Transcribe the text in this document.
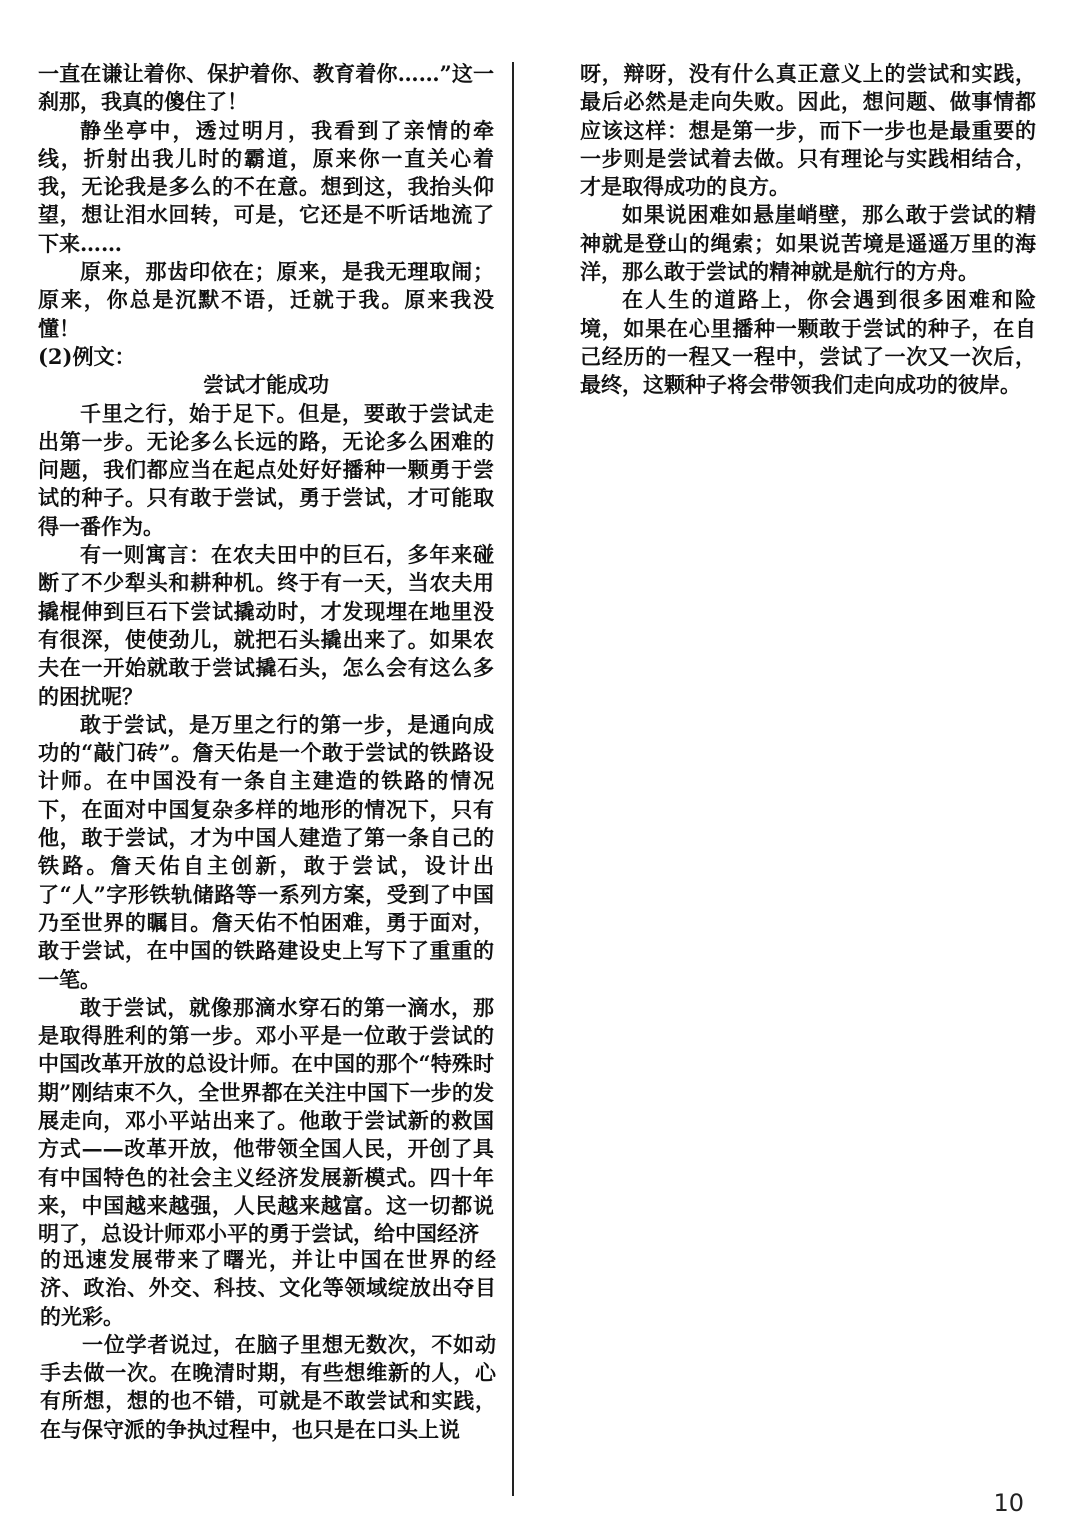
一直在谦让着你、保护着你、教育着你……”这一刹那，我真的傻住了！

静坐亭中，透过明月，我看到了亲情的牵线，折射出我儿时的霸道，原来你一直关心着我，无论我是多么的不在意。想到这，我抬头仰望，想让泪水回转，可是，它还是不听话地流了下来……

原来，那齿印依在；原来，是我无理取闹；原来，你总是沉默不语，迁就于我。原来我没懂！

(2)例文：

尝试才能成功

千里之行，始于足下。但是，要敢于尝试走出第一步。无论多么长远的路，无论多么困难的问题，我们都应当在起点处好好播种一颗勇于尝试的种子。只有敢于尝试，勇于尝试，才可能取得一番作为。

有一则寓言：在农夫田中的巨石，多年来碰断了不少犁头和耕种机。终于有一天，当农夫用撬棍伸到巨石下尝试撬动时，才发现埋在地里没有很深，使使劲儿，就把石头撬出来了。如果农夫在一开始就敢于尝试撬石头，怎么会有这么多的困扰呢？

敢于尝试，是万里之行的第一步，是通向成功的“敲门砖”。詹天佑是一个敢于尝试的铁路设计师。在中国没有一条自主建造的铁路的情况下，在面对中国复杂多样的地形的情况下，只有他，敢于尝试，才为中国人建造了第一条自己的铁路。詹天佑自主创新，敢于尝试，设计出了“人”字形铁轨储路等一系列方案，受到了中国乃至世界的瞩目。詹天佑不怕困难，勇于面对，敢于尝试，在中国的铁路建设史上写下了重重的一笔。

敢于尝试，就像那滴水穿石的第一滴水，那是取得胜利的第一步。邓小平是一位敢于尝试的中国改革开放的总设计师。在中国的那个“特殊时期”刚结束不久，全世界都在关注中国下一步的发展走向，邓小平站出来了。他敢于尝试新的救国方式——改革开放，他带领全国人民，开创了具有中国特色的社会主义经济发展新模式。四十年来，中国越来越强，人民越来越富。这一切都说明了，总设计师邓小平的勇于尝试，给中国经济

的迅速发展带来了曙光，并让中国在世界的经济、政治、外交、科技、文化等领域绽放出夺目的光彩。

一位学者说过，在脑子里想无数次，不如动手去做一次。在晚清时期，有些想维新的人，心有所想，想的也不错，可就是不敢尝试和实践，在与保守派的争执过程中，也只是在口头上说

呀，辩呀，没有什么真正意义上的尝试和实践，最后必然是走向失败。因此，想问题、做事情都应该这样：想是第一步，而下一步也是最重要的一步则是尝试着去做。只有理论与实践相结合，才是取得成功的良方。

如果说困难如悬崖峭壁，那么敢于尝试的精神就是登山的绳索；如果说苦境是遥遥万里的海洋，那么敢于尝试的精神就是航行的方舟。

在人生的道路上，你会遇到很多困难和险境，如果在心里播种一颗敢于尝试的种子，在自己经历的一程又一程中，尝试了一次又一次后，最终，这颗种子将会带领我们走向成功的彼岸。

10
